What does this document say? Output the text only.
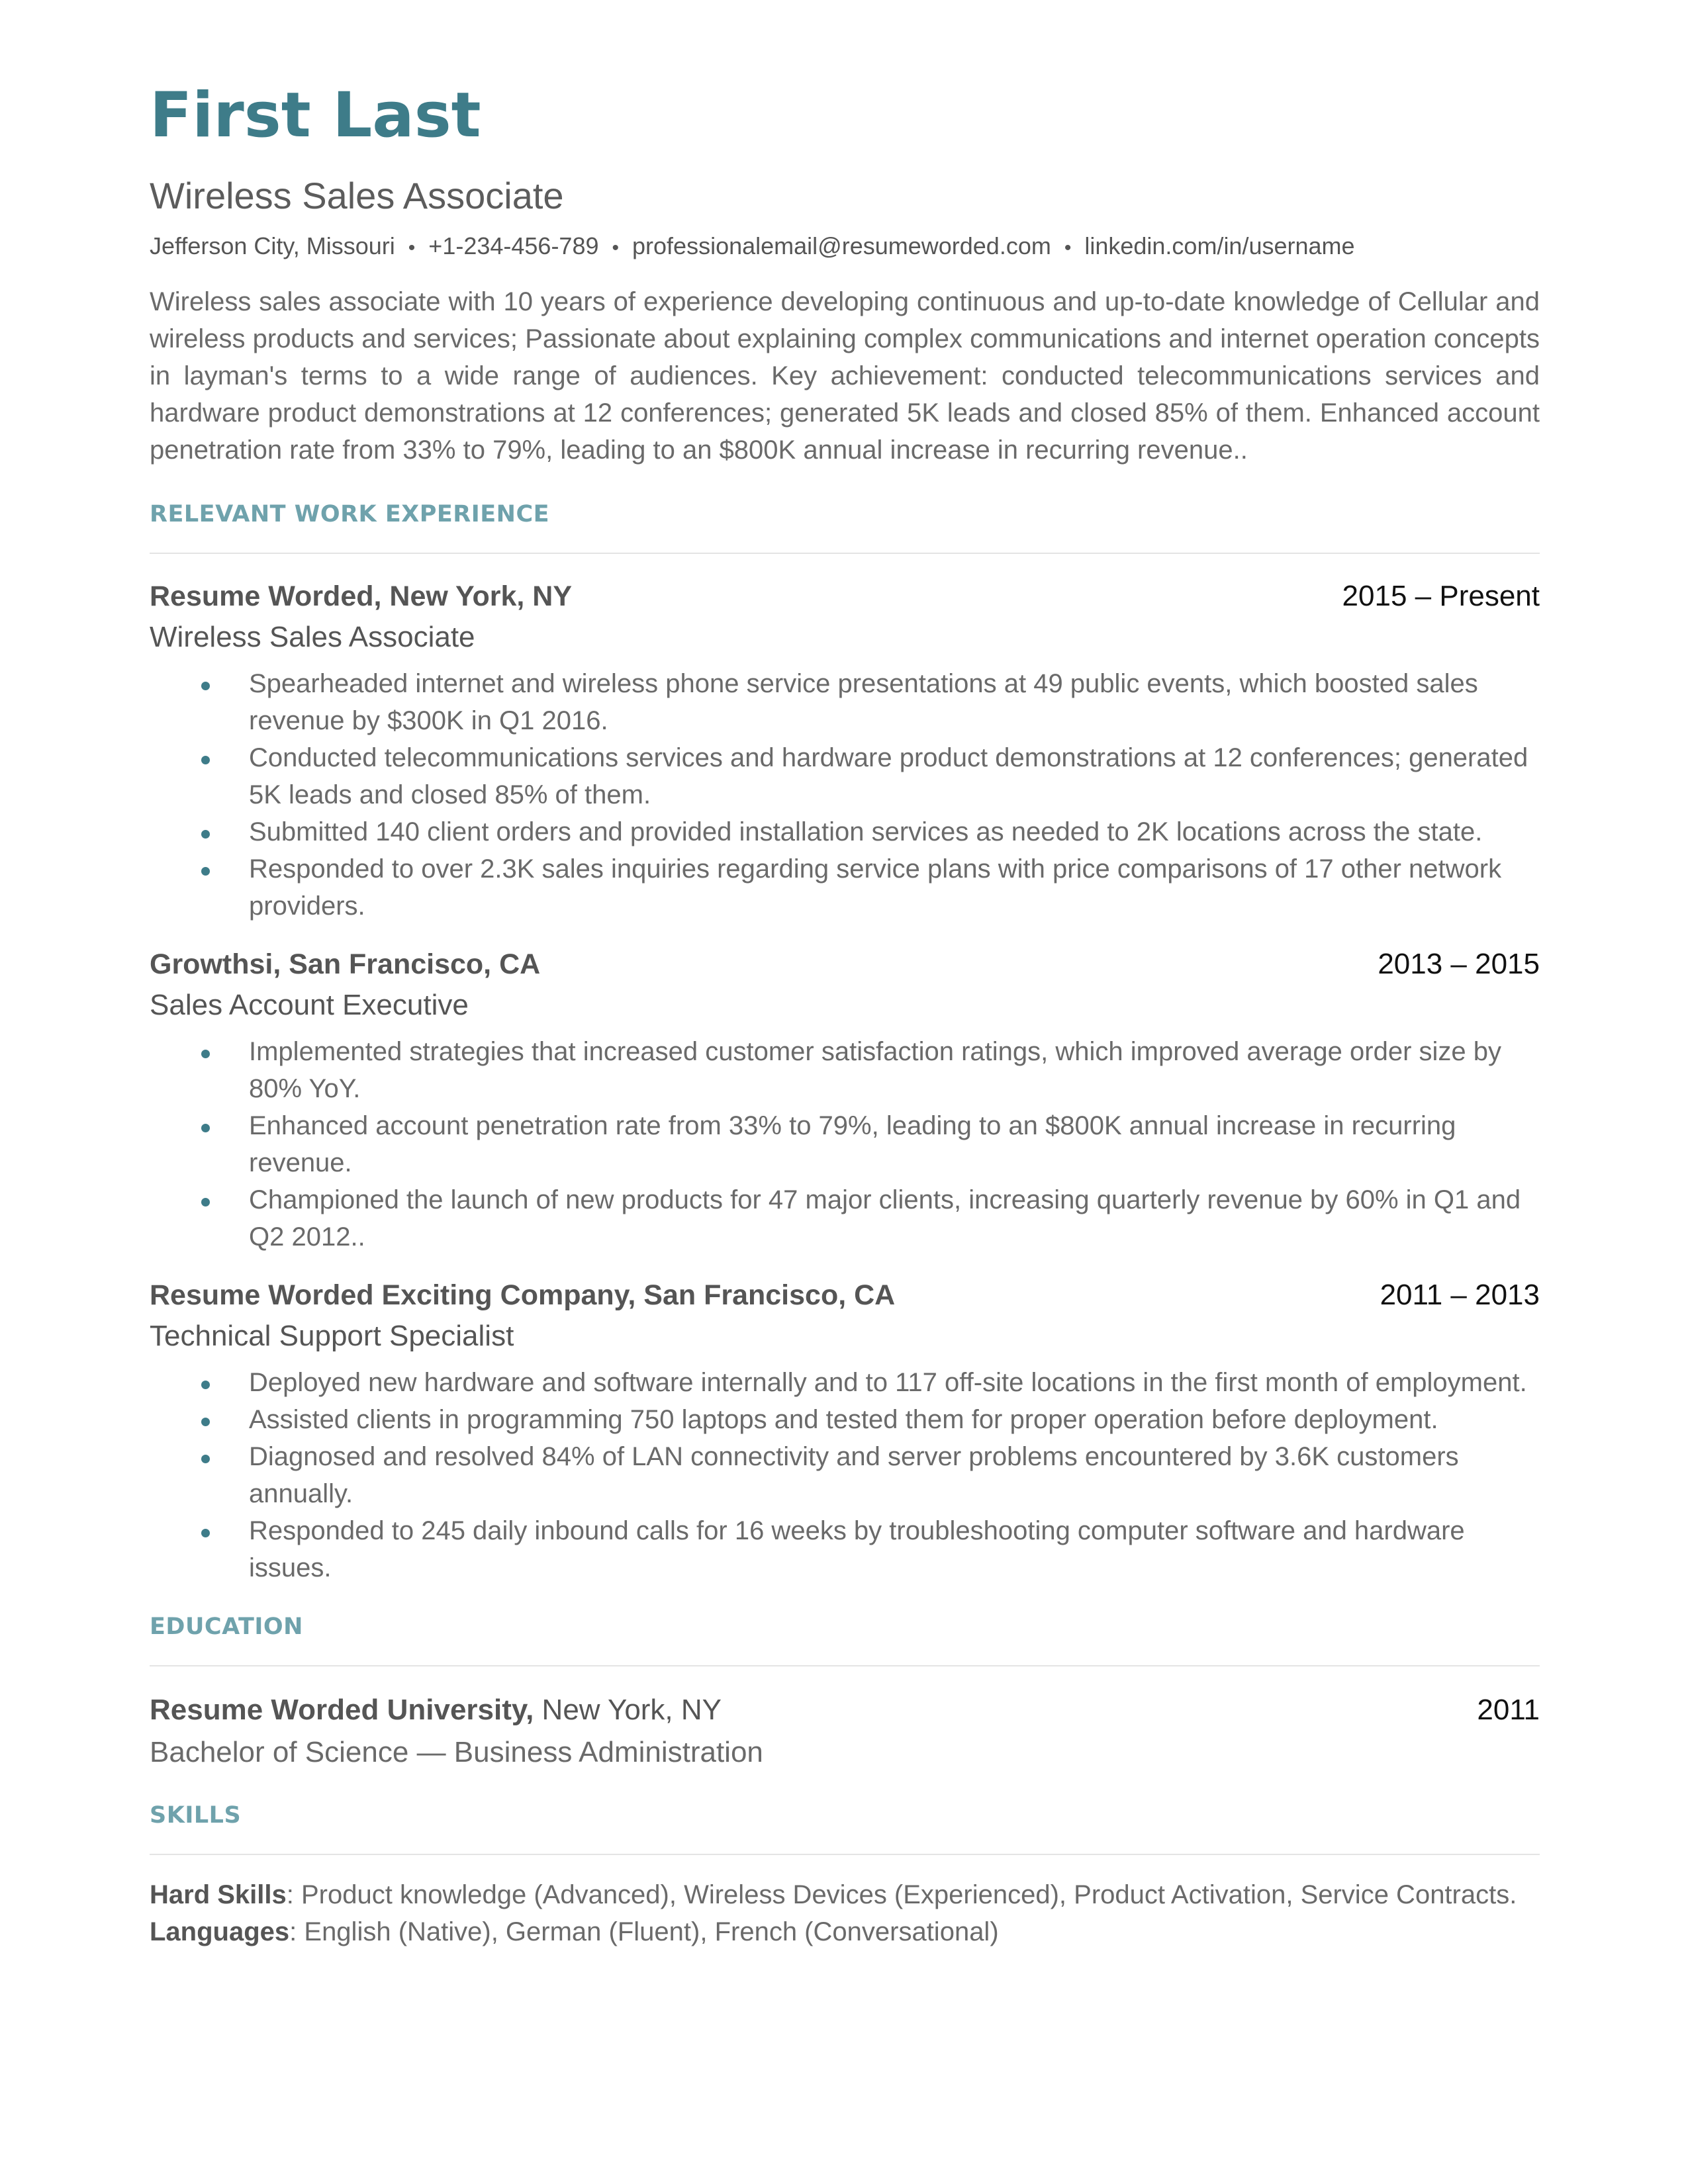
First Last
Wireless Sales Associate
Jefferson City, Missouri • +1-234-456-789 • professionalemail@resumeworded.com • linkedin.com/in/username

Wireless sales associate with 10 years of experience developing continuous and up-to-date knowledge of Cellular and wireless products and services; Passionate about explaining complex communications and internet operation concepts in layman's terms to a wide range of audiences. Key achievement: conducted telecommunications services and hardware product demonstrations at 12 conferences; generated 5K leads and closed 85% of them. Enhanced account penetration rate from 33% to 79%, leading to an $800K annual increase in recurring revenue..

RELEVANT WORK EXPERIENCE
Resume Worded, New York, NY	2015 – Present
Wireless Sales Associate
Spearheaded internet and wireless phone service presentations at 49 public events, which boosted sales revenue by $300K in Q1 2016.
Conducted telecommunications services and hardware product demonstrations at 12 conferences; generated 5K leads and closed 85% of them.
Submitted 140 client orders and provided installation services as needed to 2K locations across the state.
Responded to over 2.3K sales inquiries regarding service plans with price comparisons of 17 other network providers.
Growthsi, San Francisco, CA	2013 – 2015
Sales Account Executive
Implemented strategies that increased customer satisfaction ratings, which improved average order size by 80% YoY.
Enhanced account penetration rate from 33% to 79%, leading to an $800K annual increase in recurring revenue.
Championed the launch of new products for 47 major clients, increasing quarterly revenue by 60% in Q1 and Q2 2012..
Resume Worded Exciting Company, San Francisco, CA	2011 – 2013
Technical Support Specialist
Deployed new hardware and software internally and to 117 off-site locations in the first month of employment.
Assisted clients in programming 750 laptops and tested them for proper operation before deployment.
Diagnosed and resolved 84% of LAN connectivity and server problems encountered by 3.6K customers annually.
Responded to 245 daily inbound calls for 16 weeks by troubleshooting computer software and hardware issues.
EDUCATION
Resume Worded University, New York, NY	2011
Bachelor of Science — Business Administration
SKILLS

Hard Skills: Product knowledge (Advanced), Wireless Devices (Experienced), Product Activation, Service Contracts.

Languages: English (Native), German (Fluent), French (Conversational)
